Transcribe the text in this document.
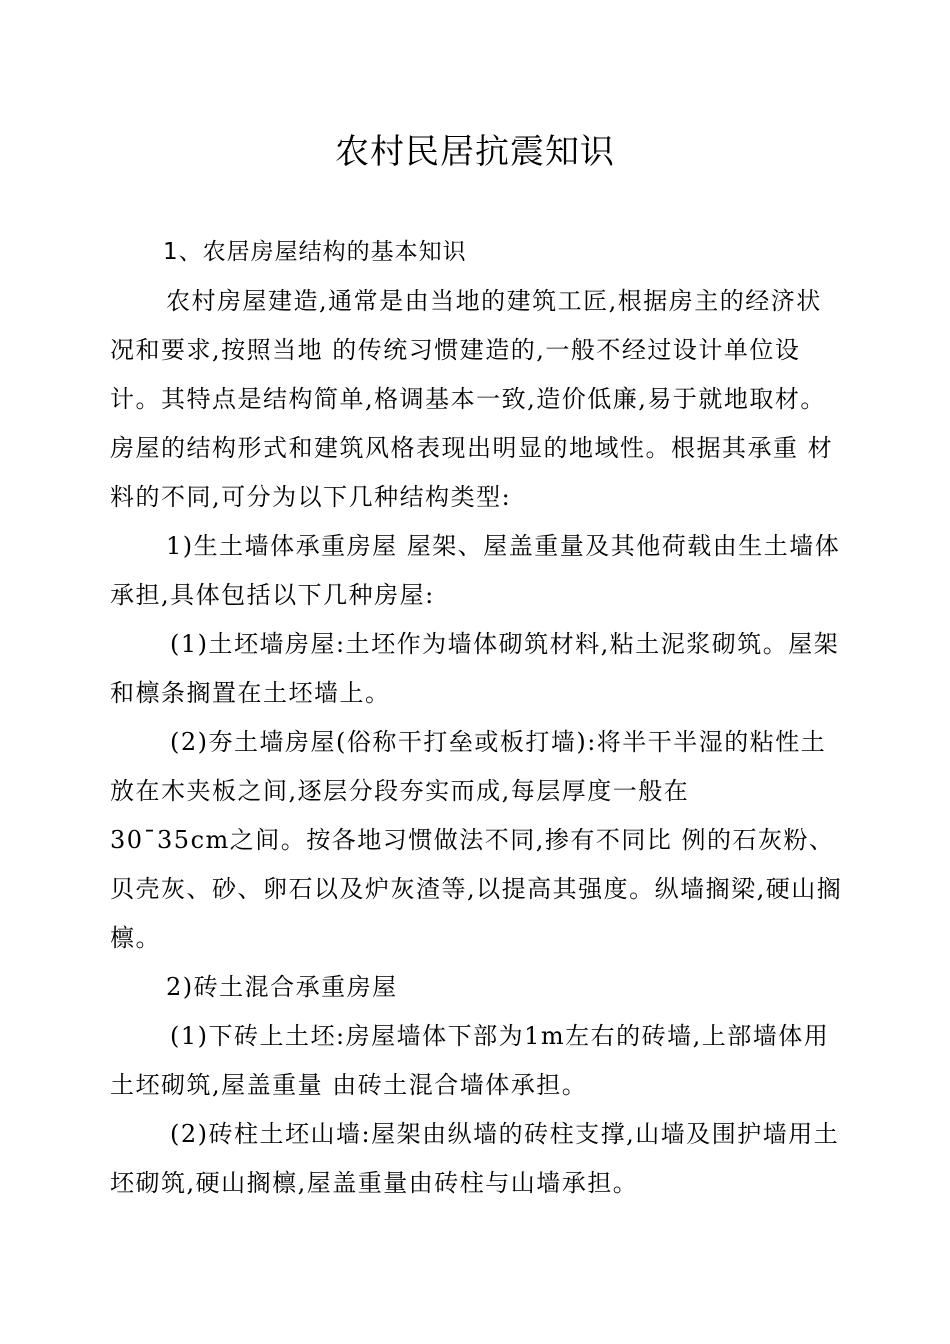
农村民居抗震知识

1、农居房屋结构的基本知识

农村房屋建造,通常是由当地的建筑工匠,根据房主的经济状况和要求,按照当地 的传统习惯建造的,一般不经过设计单位设计。其特点是结构简单,格调基本一致,造价低廉,易于就地取材。房屋的结构形式和建筑风格表现出明显的地域性。根据其承重 材料的不同,可分为以下几种结构类型:

1)生土墙体承重房屋 屋架、屋盖重量及其他荷载由生土墙体承担,具体包括以下几种房屋:

(1)土坯墙房屋:土坯作为墙体砌筑材料,粘土泥浆砌筑。屋架和檩条搁置在土坯墙上。

(2)夯土墙房屋(俗称干打垒或板打墙):将半干半湿的粘性土放在木夹板之间,逐层分段夯实而成,每层厚度一般在

30¯35cm之间。按各地习惯做法不同,掺有不同比 例的石灰粉、贝壳灰、砂、卵石以及炉灰渣等,以提高其强度。纵墙搁梁,硬山搁檩。

2)砖土混合承重房屋

(1)下砖上土坯:房屋墙体下部为1m左右的砖墙,上部墙体用土坯砌筑,屋盖重量 由砖土混合墙体承担。

(2)砖柱土坯山墙:屋架由纵墙的砖柱支撑,山墙及围护墙用土坯砌筑,硬山搁檩,屋盖重量由砖柱与山墙承担。
